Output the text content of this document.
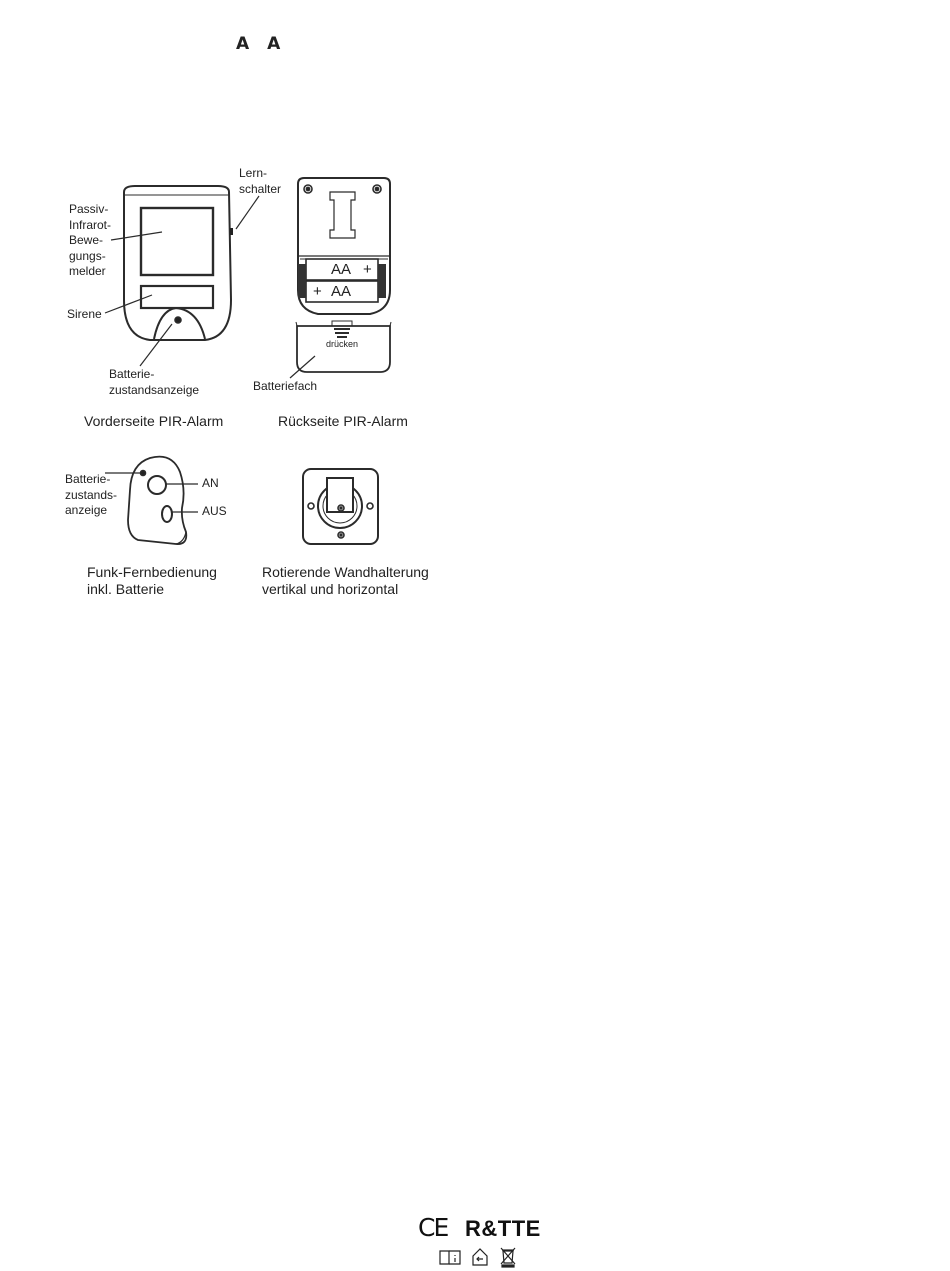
A A
Lern-
schalter
Passiv-
Infrarot-
Bewe-
gungs-
melder
Sirene
Batterie-
zustandsanzeige
Vorderseite PIR-Alarm
AA +
+ AA
drücken
Batteriefach
Rückseite PIR-Alarm
Batterie-
zustands-
anzeige
AN
AUS
Funk-Fernbedienung
inkl. Batterie
Rotierende Wandhalterung
vertikal und horizontal
CE R&TTE
